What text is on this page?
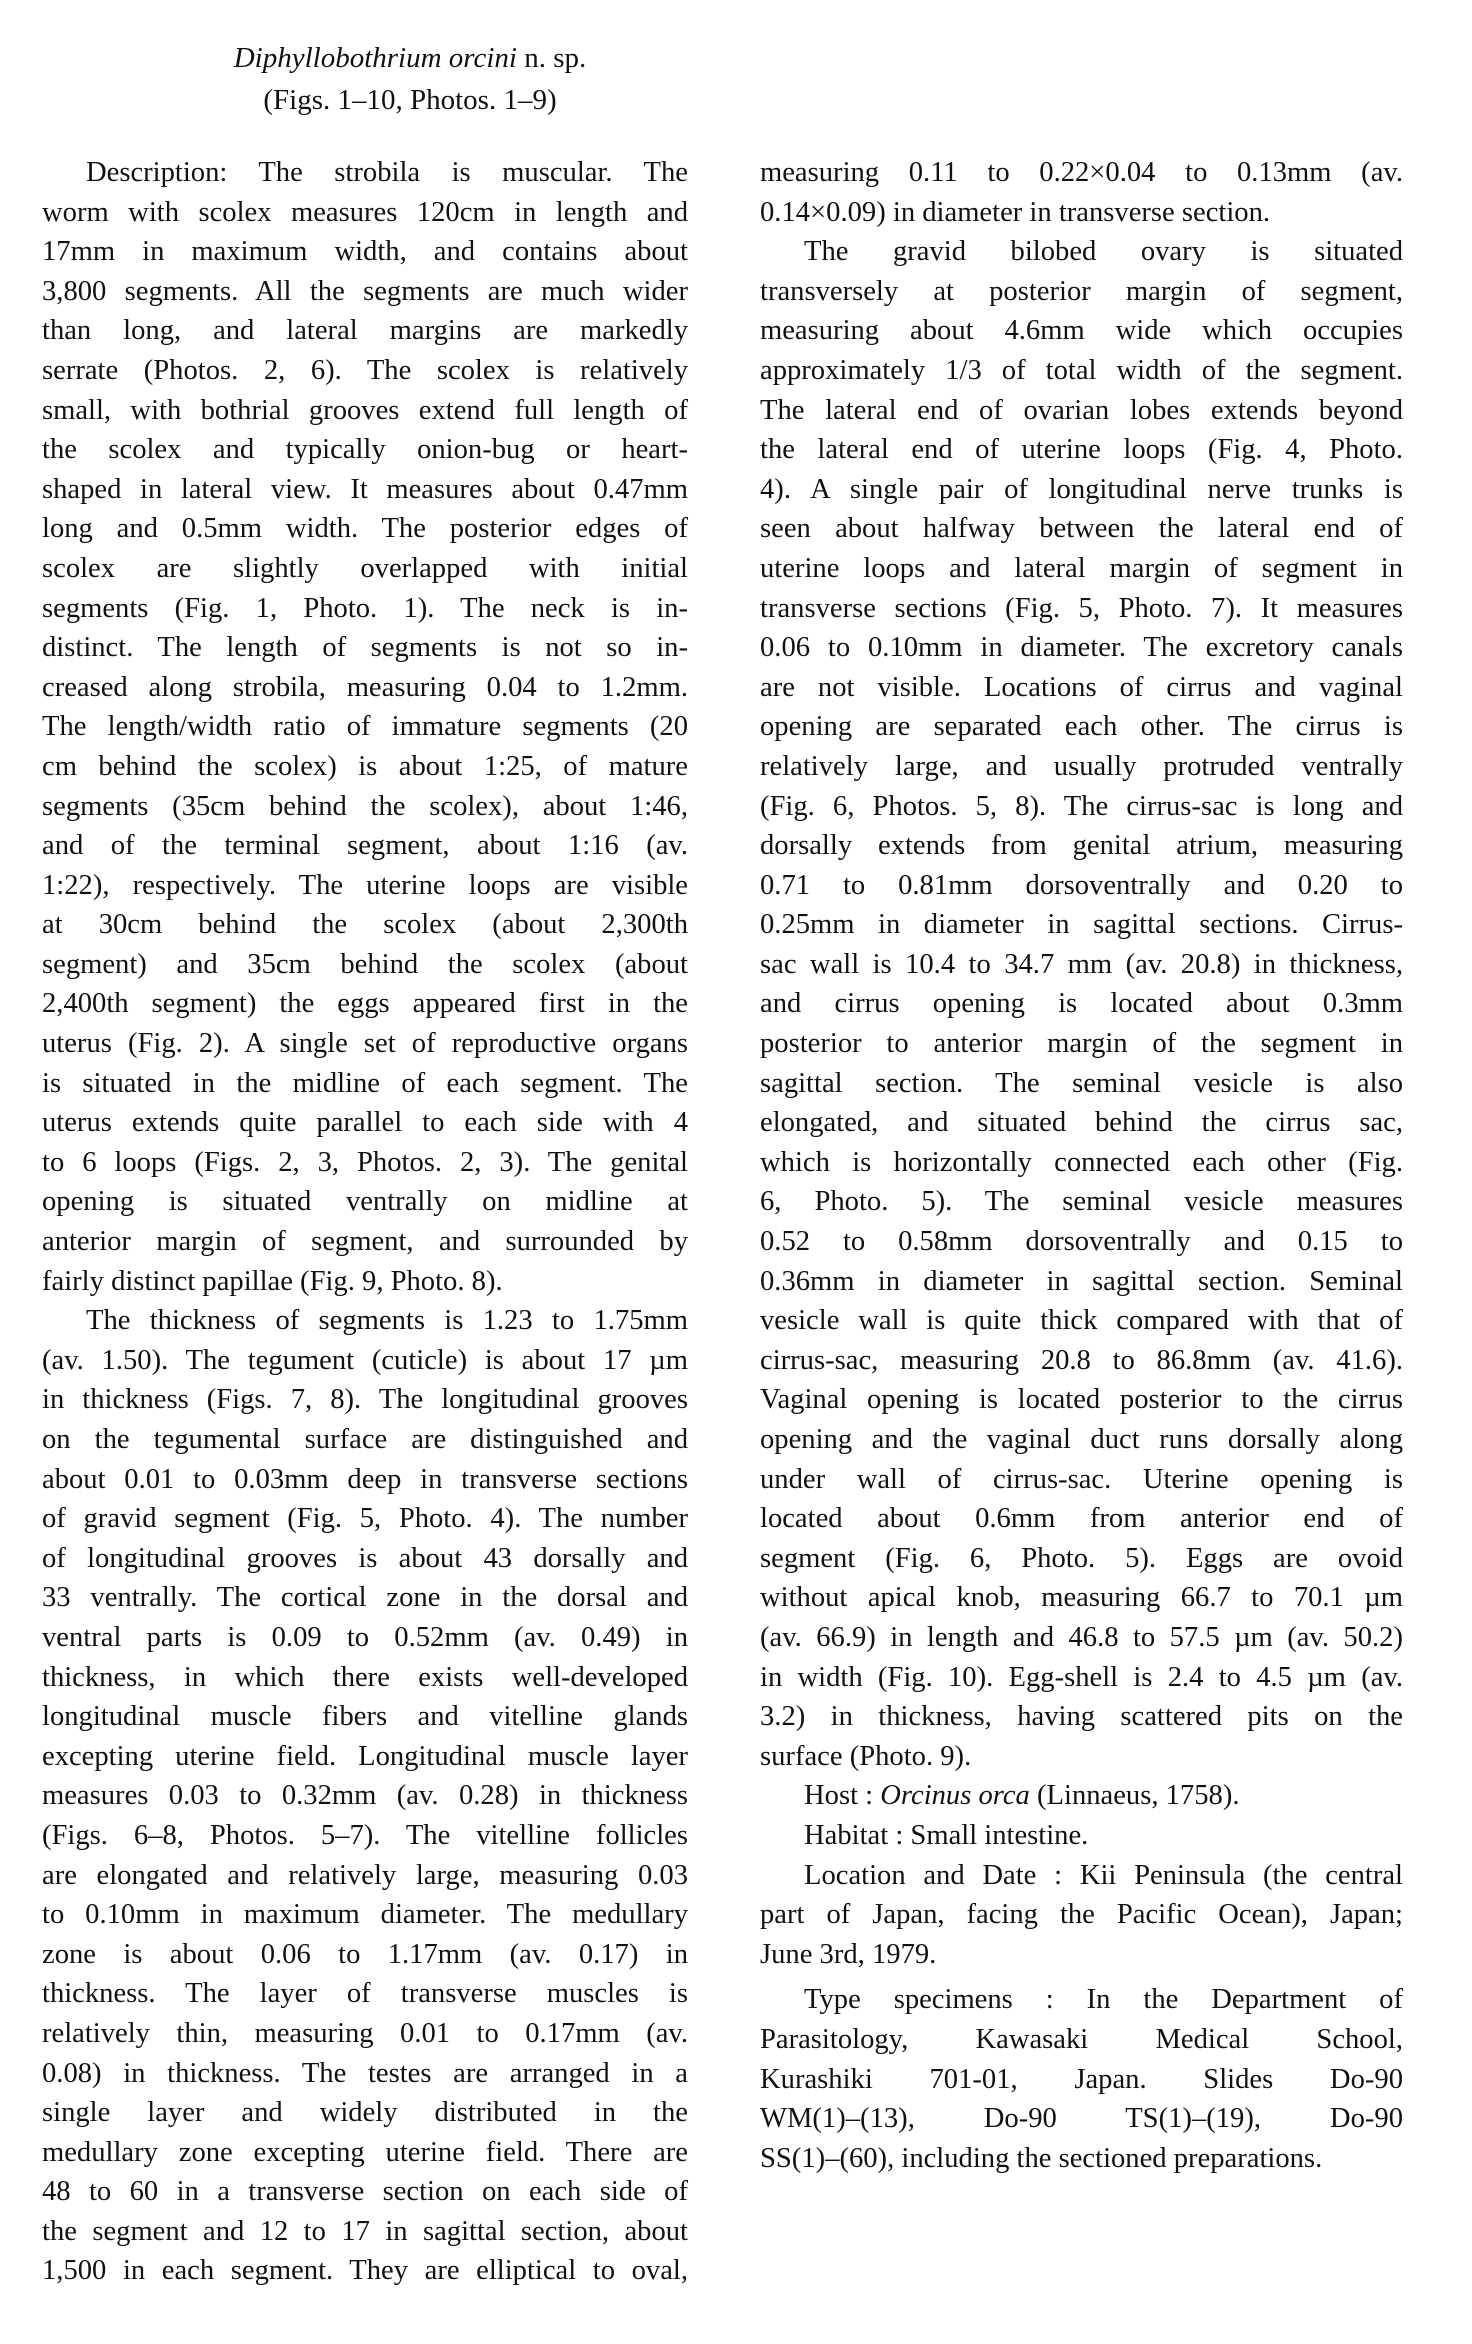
Diphyllobothrium orcini n. sp.
(Figs. 1–10, Photos. 1–9)
Description: The strobila is muscular. The
worm with scolex measures 120cm in length and
17mm in maximum width, and contains about
3,800 segments. All the segments are much wider
than long, and lateral margins are markedly
serrate (Photos. 2, 6). The scolex is relatively
small, with bothrial grooves extend full length of
the scolex and typically onion-bug or heart-
shaped in lateral view. It measures about 0.47mm
long and 0.5mm width. The posterior edges of
scolex are slightly overlapped with initial
segments (Fig. 1, Photo. 1). The neck is in-
distinct. The length of segments is not so in-
creased along strobila, measuring 0.04 to 1.2mm.
The length/width ratio of immature segments (20
cm behind the scolex) is about 1:25, of mature
segments (35cm behind the scolex), about 1:46,
and of the terminal segment, about 1:16 (av.
1:22), respectively. The uterine loops are visible
at 30cm behind the scolex (about 2,300th
segment) and 35cm behind the scolex (about
2,400th segment) the eggs appeared first in the
uterus (Fig. 2). A single set of reproductive organs
is situated in the midline of each segment. The
uterus extends quite parallel to each side with 4
to 6 loops (Figs. 2, 3, Photos. 2, 3). The genital
opening is situated ventrally on midline at
anterior margin of segment, and surrounded by
fairly distinct papillae (Fig. 9, Photo. 8).
The thickness of segments is 1.23 to 1.75mm
(av. 1.50). The tegument (cuticle) is about 17 µm
in thickness (Figs. 7, 8). The longitudinal grooves
on the tegumental surface are distinguished and
about 0.01 to 0.03mm deep in transverse sections
of gravid segment (Fig. 5, Photo. 4). The number
of longitudinal grooves is about 43 dorsally and
33 ventrally. The cortical zone in the dorsal and
ventral parts is 0.09 to 0.52mm (av. 0.49) in
thickness, in which there exists well-developed
longitudinal muscle fibers and vitelline glands
excepting uterine field. Longitudinal muscle layer
measures 0.03 to 0.32mm (av. 0.28) in thickness
(Figs. 6–8, Photos. 5–7). The vitelline follicles
are elongated and relatively large, measuring 0.03
to 0.10mm in maximum diameter. The medullary
zone is about 0.06 to 1.17mm (av. 0.17) in
thickness. The layer of transverse muscles is
relatively thin, measuring 0.01 to 0.17mm (av.
0.08) in thickness. The testes are arranged in a
single layer and widely distributed in the
medullary zone excepting uterine field. There are
48 to 60 in a transverse section on each side of
the segment and 12 to 17 in sagittal section, about
1,500 in each segment. They are elliptical to oval,
measuring 0.11 to 0.22×0.04 to 0.13mm (av.
0.14×0.09) in diameter in transverse section.
The gravid bilobed ovary is situated
transversely at posterior margin of segment,
measuring about 4.6mm wide which occupies
approximately 1/3 of total width of the segment.
The lateral end of ovarian lobes extends beyond
the lateral end of uterine loops (Fig. 4, Photo.
4). A single pair of longitudinal nerve trunks is
seen about halfway between the lateral end of
uterine loops and lateral margin of segment in
transverse sections (Fig. 5, Photo. 7). It measures
0.06 to 0.10mm in diameter. The excretory canals
are not visible. Locations of cirrus and vaginal
opening are separated each other. The cirrus is
relatively large, and usually protruded ventrally
(Fig. 6, Photos. 5, 8). The cirrus-sac is long and
dorsally extends from genital atrium, measuring
0.71 to 0.81mm dorsoventrally and 0.20 to
0.25mm in diameter in sagittal sections. Cirrus-
sac wall is 10.4 to 34.7 mm (av. 20.8) in thickness,
and cirrus opening is located about 0.3mm
posterior to anterior margin of the segment in
sagittal section. The seminal vesicle is also
elongated, and situated behind the cirrus sac,
which is horizontally connected each other (Fig.
6, Photo. 5). The seminal vesicle measures
0.52 to 0.58mm dorsoventrally and 0.15 to
0.36mm in diameter in sagittal section. Seminal
vesicle wall is quite thick compared with that of
cirrus-sac, measuring 20.8 to 86.8mm (av. 41.6).
Vaginal opening is located posterior to the cirrus
opening and the vaginal duct runs dorsally along
under wall of cirrus-sac. Uterine opening is
located about 0.6mm from anterior end of
segment (Fig. 6, Photo. 5). Eggs are ovoid
without apical knob, measuring 66.7 to 70.1 µm
(av. 66.9) in length and 46.8 to 57.5 µm (av. 50.2)
in width (Fig. 10). Egg-shell is 2.4 to 4.5 µm (av.
3.2) in thickness, having scattered pits on the
surface (Photo. 9).
Host : Orcinus orca (Linnaeus, 1758).
Habitat : Small intestine.
Location and Date : Kii Peninsula (the central
part of Japan, facing the Pacific Ocean), Japan;
June 3rd, 1979.
Type specimens : In the Department of
Parasitology, Kawasaki Medical School,
Kurashiki 701-01, Japan. Slides Do-90
WM(1)–(13), Do-90 TS(1)–(19), Do-90
SS(1)–(60), including the sectioned preparations.
